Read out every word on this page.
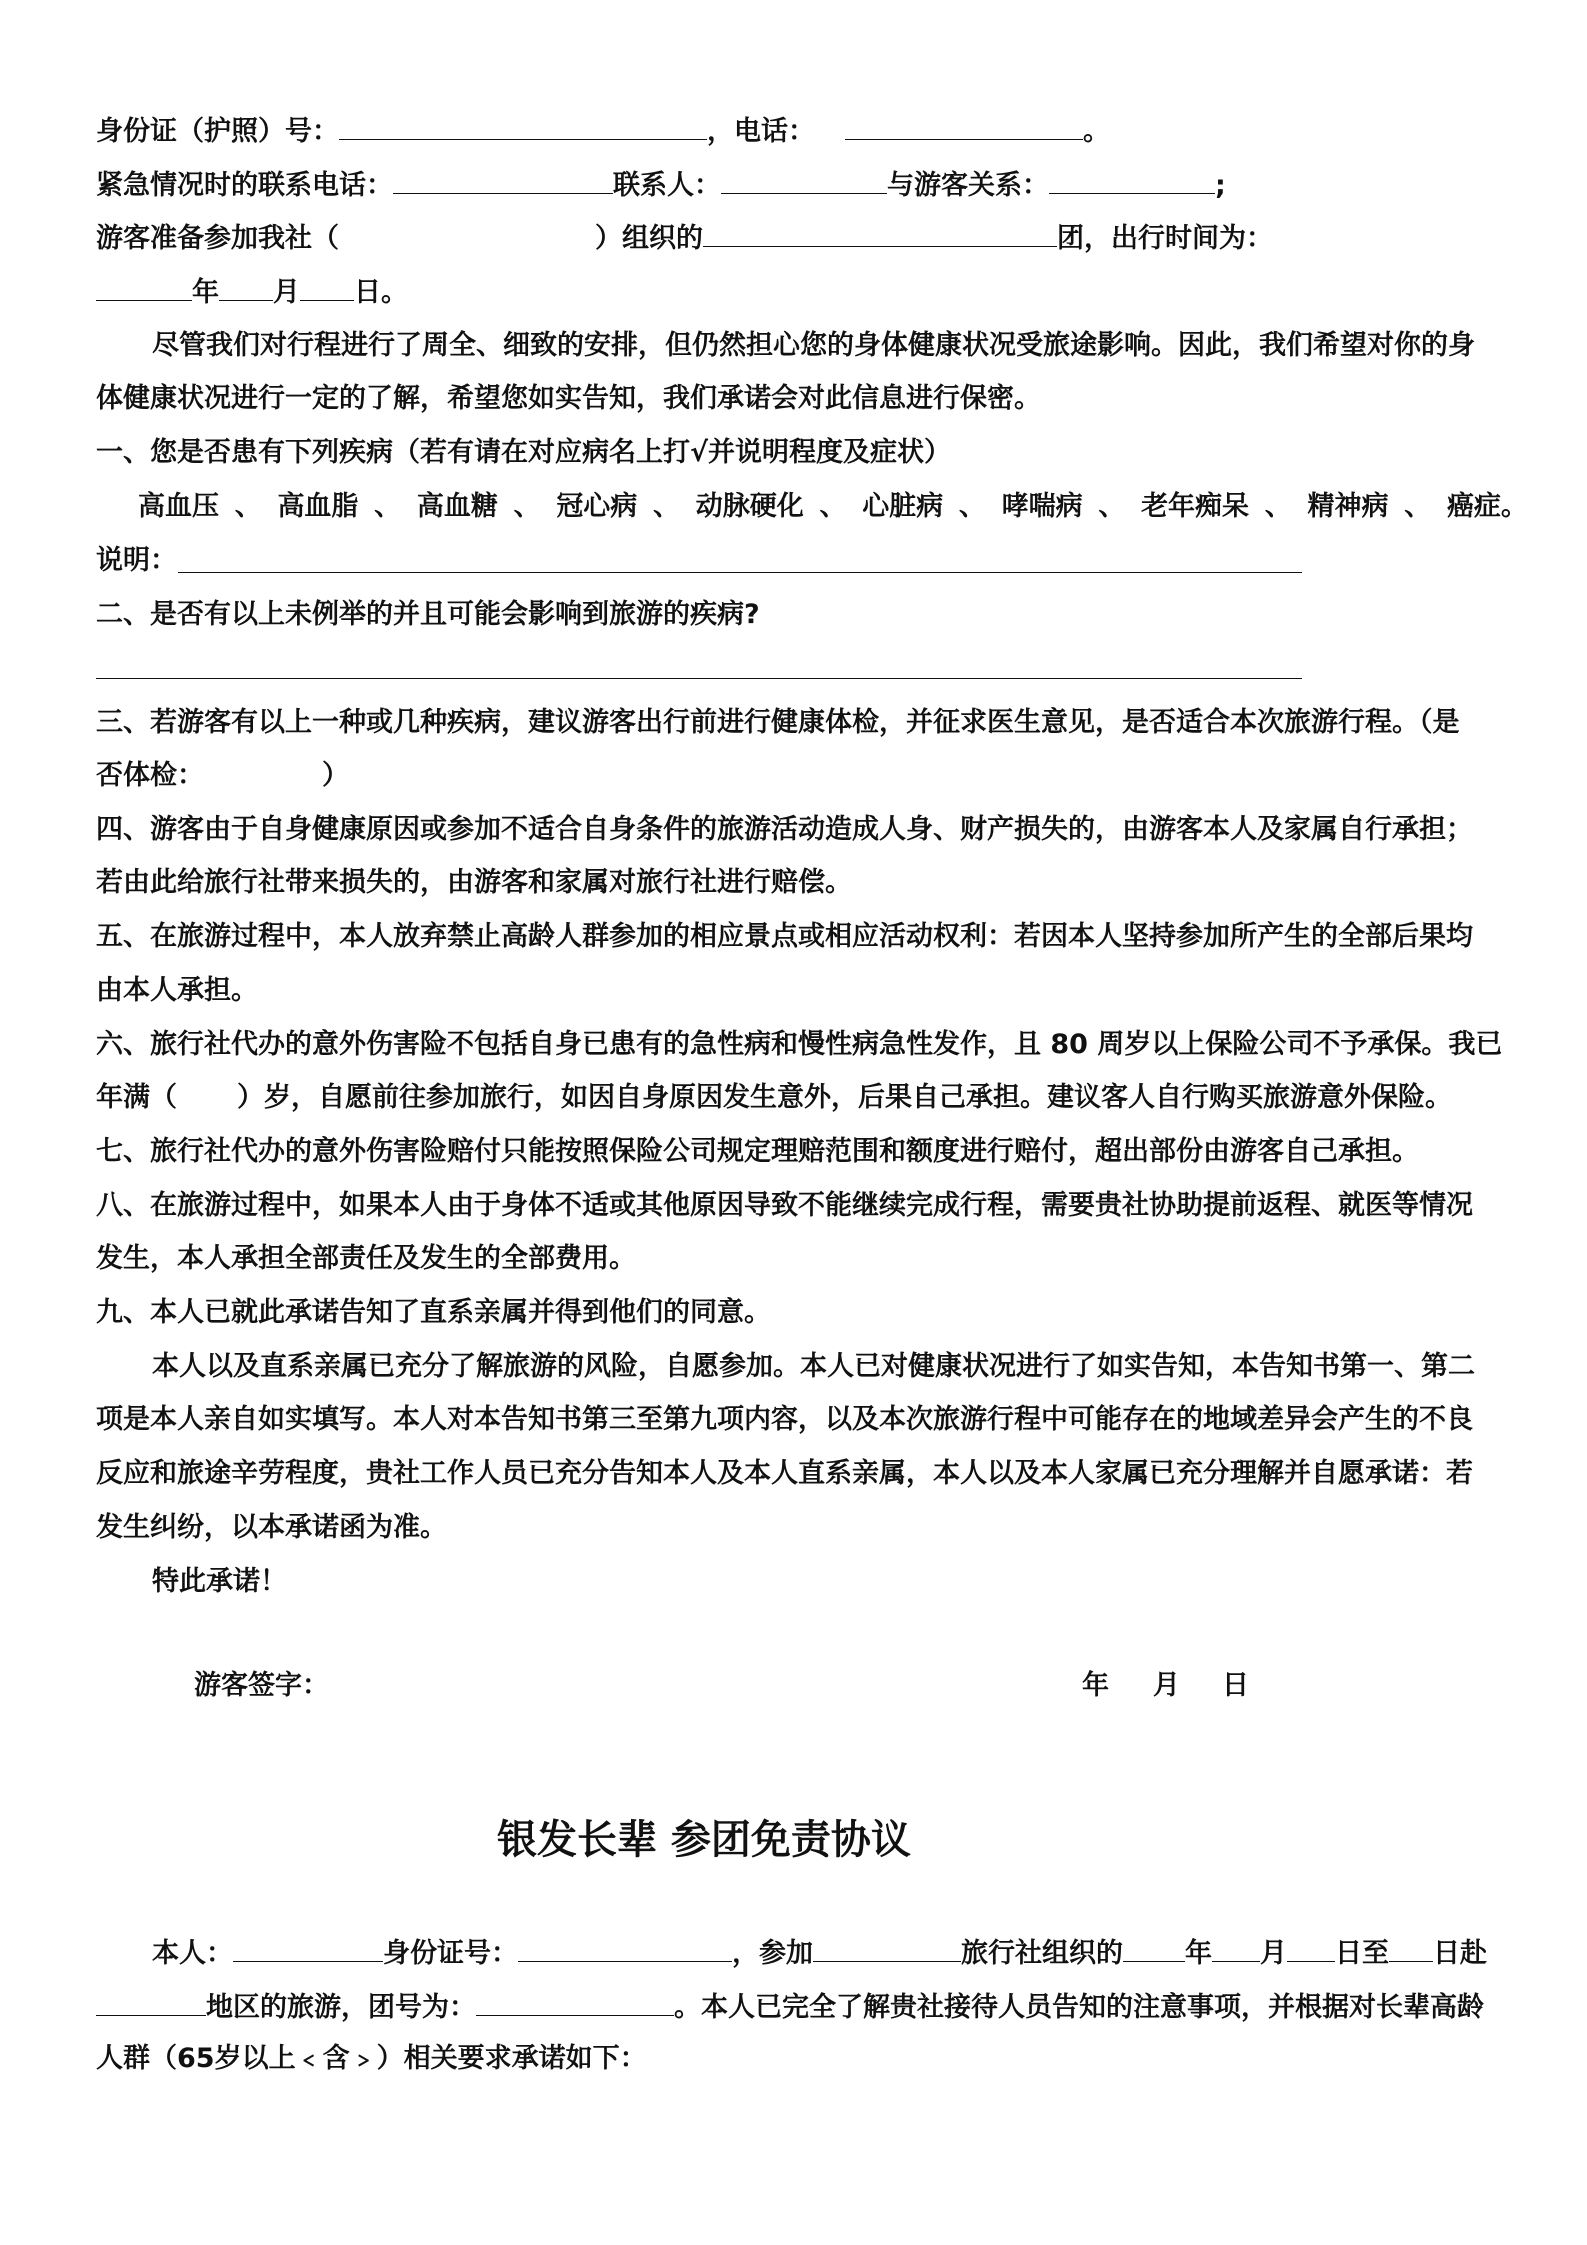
身份证（护照）号：	，电话：	。
紧急情况时的联系电话：	联系人：	与游客关系：	;
游客准备参加我社（	）组织的	团，出行时间为：
年 月 日。
尽管我们对行程进行了周全、细致的安排，但仍然担心您的身体健康状况受旅途影响。因此，我们希望对你的身
体健康状况进行一定的了解，希望您如实告知，我们承诺会对此信息进行保密。
一、您是否患有下列疾病（若有请在对应病名上打√并说明程度及症状）
高血压 、 高血脂 、 高血糖 、 冠心病 、 动脉硬化 、 心脏病 、 哮喘病 、 老年痴呆 、 精神病 、 癌症。
说明：
二、是否有以上未例举的并且可能会影响到旅游的疾病?
三、若游客有以上一种或几种疾病，建议游客出行前进行健康体检，并征求医生意见，是否适合本次旅游行程。（是
否体检：	）
四、游客由于自身健康原因或参加不适合自身条件的旅游活动造成人身、财产损失的，由游客本人及家属自行承担；
若由此给旅行社带来损失的，由游客和家属对旅行社进行赔偿。
五、在旅游过程中，本人放弃禁止高龄人群参加的相应景点或相应活动权利：若因本人坚持参加所产生的全部后果均
由本人承担。
六、旅行社代办的意外伤害险不包括自身已患有的急性病和慢性病急性发作，且 80 周岁以上保险公司不予承保。我已
年满（ ）岁，自愿前往参加旅行，如因自身原因发生意外，后果自己承担。建议客人自行购买旅游意外保险。
七、旅行社代办的意外伤害险赔付只能按照保险公司规定理赔范围和额度进行赔付，超出部份由游客自己承担。
八、在旅游过程中，如果本人由于身体不适或其他原因导致不能继续完成行程，需要贵社协助提前返程、就医等情况
发生，本人承担全部责任及发生的全部费用。
九、本人已就此承诺告知了直系亲属并得到他们的同意。
本人以及直系亲属已充分了解旅游的风险，自愿参加。本人已对健康状况进行了如实告知，本告知书第一、第二
项是本人亲自如实填写。本人对本告知书第三至第九项内容，以及本次旅游行程中可能存在的地域差异会产生的不良
反应和旅途辛劳程度，贵社工作人员已充分告知本人及本人直系亲属，本人以及本人家属已充分理解并自愿承诺：若
发生纠纷，以本承诺函为准。
特此承诺！
游客签字：	年 月 日
银发长辈 参团免责协议
本人：	身份证号：	，参加	旅行社组织的 年 月 日至 日赴
地区的旅游，团号为：	。本人已完全了解贵社接待人员告知的注意事项，并根据对长辈高龄
人群（65岁以上﹤含﹥）相关要求承诺如下：
